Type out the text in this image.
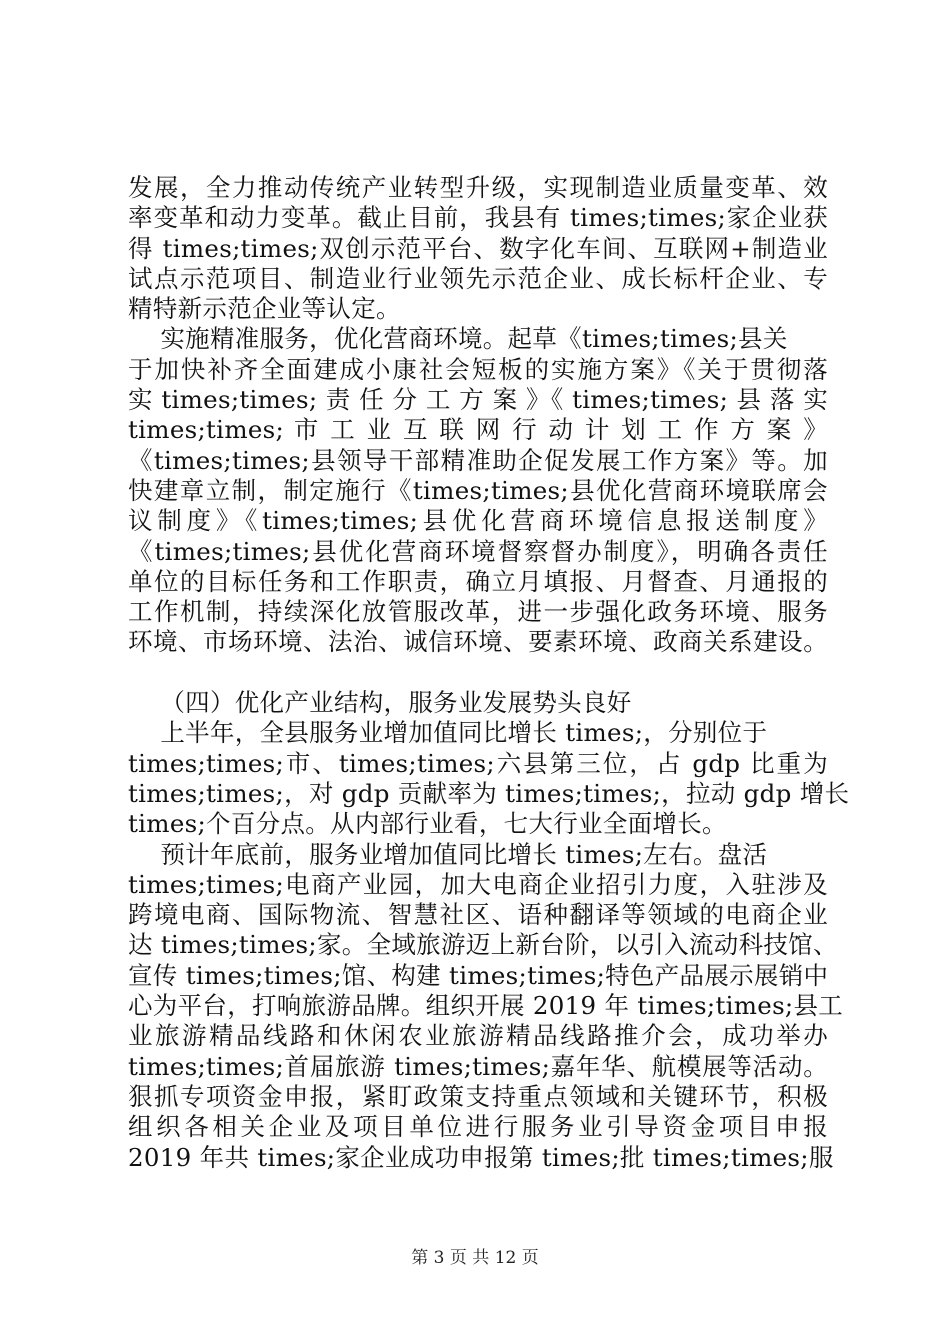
发展，全力推动传统产业转型升级，实现制造业质量变革、效
率变革和动力变革。截止目前，我县有 times;times;家企业获
得 times;times;双创示范平台、数字化车间、互联网+制造业
试点示范项目、制造业行业领先示范企业、成长标杆企业、专
精特新示范企业等认定。
实施精准服务，优化营商环境。起草《times;times;县关
于加快补齐全面建成小康社会短板的实施方案》《关于贯彻落
实 times;times; 责 任 分 工 方 案 》《 times;times; 县 落 实
times;times; 市 工 业 互 联 网 行 动 计 划 工 作 方 案 》
《times;times;县领导干部精准助企促发展工作方案》等。加
快建章立制，制定施行《times;times;县优化营商环境联席会
议制度》《times;times;县优化营商环境信息报送制度》
《times;times;县优化营商环境督察督办制度》，明确各责任
单位的目标任务和工作职责，确立月填报、月督查、月通报的
工作机制，持续深化放管服改革，进一步强化政务环境、服务
环境、市场环境、法治、诚信环境、要素环境、政商关系建设。
（四）优化产业结构，服务业发展势头良好
上半年，全县服务业增加值同比增长 times;，分别位于
times;times;市、times;times;六县第三位，占 gdp 比重为
times;times;，对 gdp 贡献率为 times;times;，拉动 gdp 增长
times;个百分点。从内部行业看，七大行业全面增长。
预计年底前，服务业增加值同比增长 times;左右。盘活
times;times;电商产业园，加大电商企业招引力度，入驻涉及
跨境电商、国际物流、智慧社区、语种翻译等领域的电商企业
达 times;times;家。全域旅游迈上新台阶，以引入流动科技馆、
宣传 times;times;馆、构建 times;times;特色产品展示展销中
心为平台，打响旅游品牌。组织开展 2019 年 times;times;县工
业旅游精品线路和休闲农业旅游精品线路推介会，成功举办
times;times;首届旅游 times;times;嘉年华、航模展等活动。
狠抓专项资金申报，紧盯政策支持重点领域和关键环节，积极
组织各相关企业及项目单位进行服务业引导资金项目申报
2019 年共 times;家企业成功申报第 times;批 times;times;服
第 3 页 共 12 页
